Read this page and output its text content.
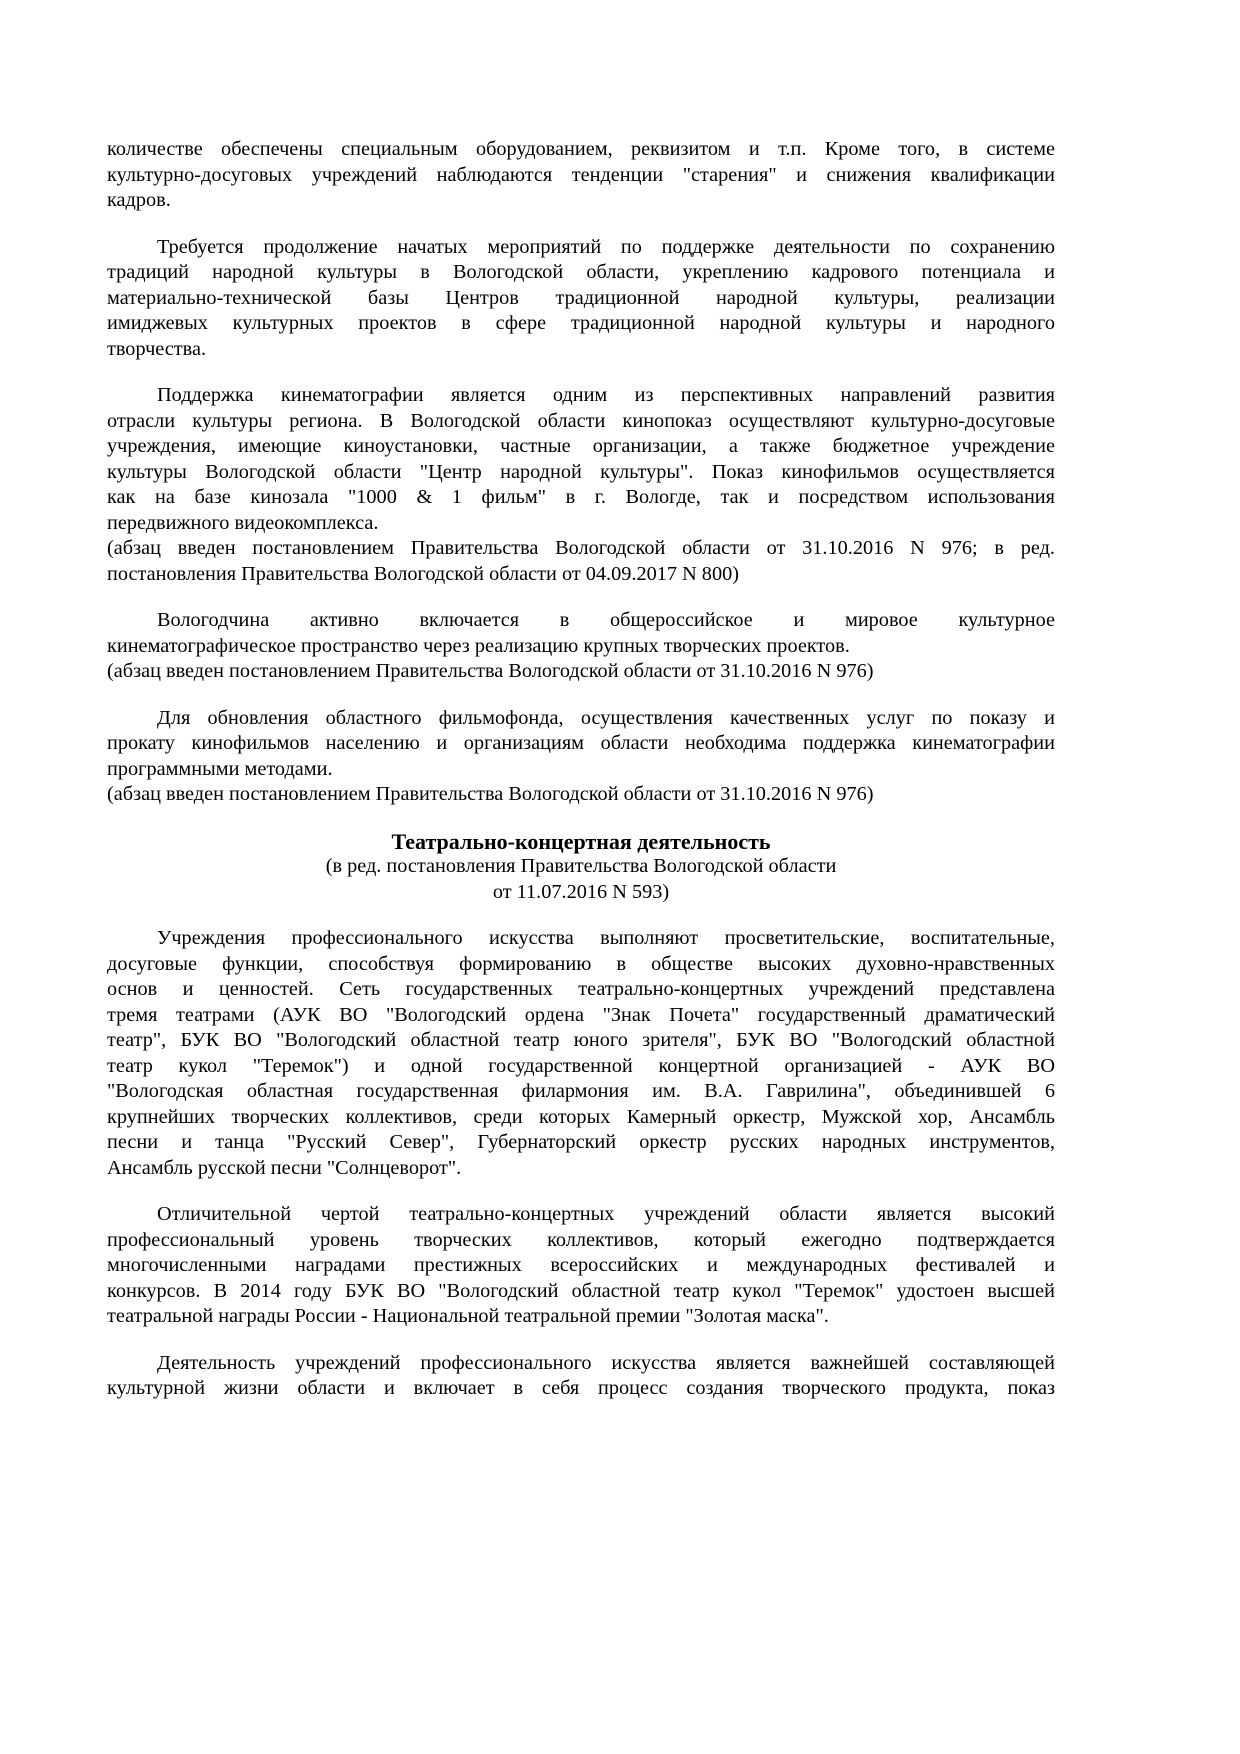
количестве обеспечены специальным оборудованием, реквизитом и т.п. Кроме того, в системе
культурно-досуговых учреждений наблюдаются тенденции "старения" и снижения квалификации
кадров.
Требуется продолжение начатых мероприятий по поддержке деятельности по сохранению
традиций народной культуры в Вологодской области, укреплению кадрового потенциала и
материально-технической базы Центров традиционной народной культуры, реализации
имиджевых культурных проектов в сфере традиционной народной культуры и народного
творчества.
Поддержка кинематографии является одним из перспективных направлений развития
отрасли культуры региона. В Вологодской области кинопоказ осуществляют культурно-досуговые
учреждения, имеющие киноустановки, частные организации, а также бюджетное учреждение
культуры Вологодской области "Центр народной культуры". Показ кинофильмов осуществляется
как на базе кинозала "1000 & 1 фильм" в г. Вологде, так и посредством использования
передвижного видеокомплекса.
(абзац введен постановлением Правительства Вологодской области от 31.10.2016 N 976; в ред.
постановления Правительства Вологодской области от 04.09.2017 N 800)
Вологодчина активно включается в общероссийское и мировое культурное
кинематографическое пространство через реализацию крупных творческих проектов.
(абзац введен постановлением Правительства Вологодской области от 31.10.2016 N 976)
Для обновления областного фильмофонда, осуществления качественных услуг по показу и
прокату кинофильмов населению и организациям области необходима поддержка кинематографии
программными методами.
(абзац введен постановлением Правительства Вологодской области от 31.10.2016 N 976)
Театрально-концертная деятельность
(в ред. постановления Правительства Вологодской области
от 11.07.2016 N 593)
Учреждения профессионального искусства выполняют просветительские, воспитательные,
досуговые функции, способствуя формированию в обществе высоких духовно-нравственных
основ и ценностей. Сеть государственных театрально-концертных учреждений представлена
тремя театрами (АУК ВО "Вологодский ордена "Знак Почета" государственный драматический
театр", БУК ВО "Вологодский областной театр юного зрителя", БУК ВО "Вологодский областной
театр кукол "Теремок") и одной государственной концертной организацией - АУК ВО
"Вологодская областная государственная филармония им. В.А. Гаврилина", объединившей 6
крупнейших творческих коллективов, среди которых Камерный оркестр, Мужской хор, Ансамбль
песни и танца "Русский Север", Губернаторский оркестр русских народных инструментов,
Ансамбль русской песни "Солнцеворот".
Отличительной чертой театрально-концертных учреждений области является высокий
профессиональный уровень творческих коллективов, который ежегодно подтверждается
многочисленными наградами престижных всероссийских и международных фестивалей и
конкурсов. В 2014 году БУК ВО "Вологодский областной театр кукол "Теремок" удостоен высшей
театральной награды России - Национальной театральной премии "Золотая маска".
Деятельность учреждений профессионального искусства является важнейшей составляющей
культурной жизни области и включает в себя процесс создания творческого продукта, показ
